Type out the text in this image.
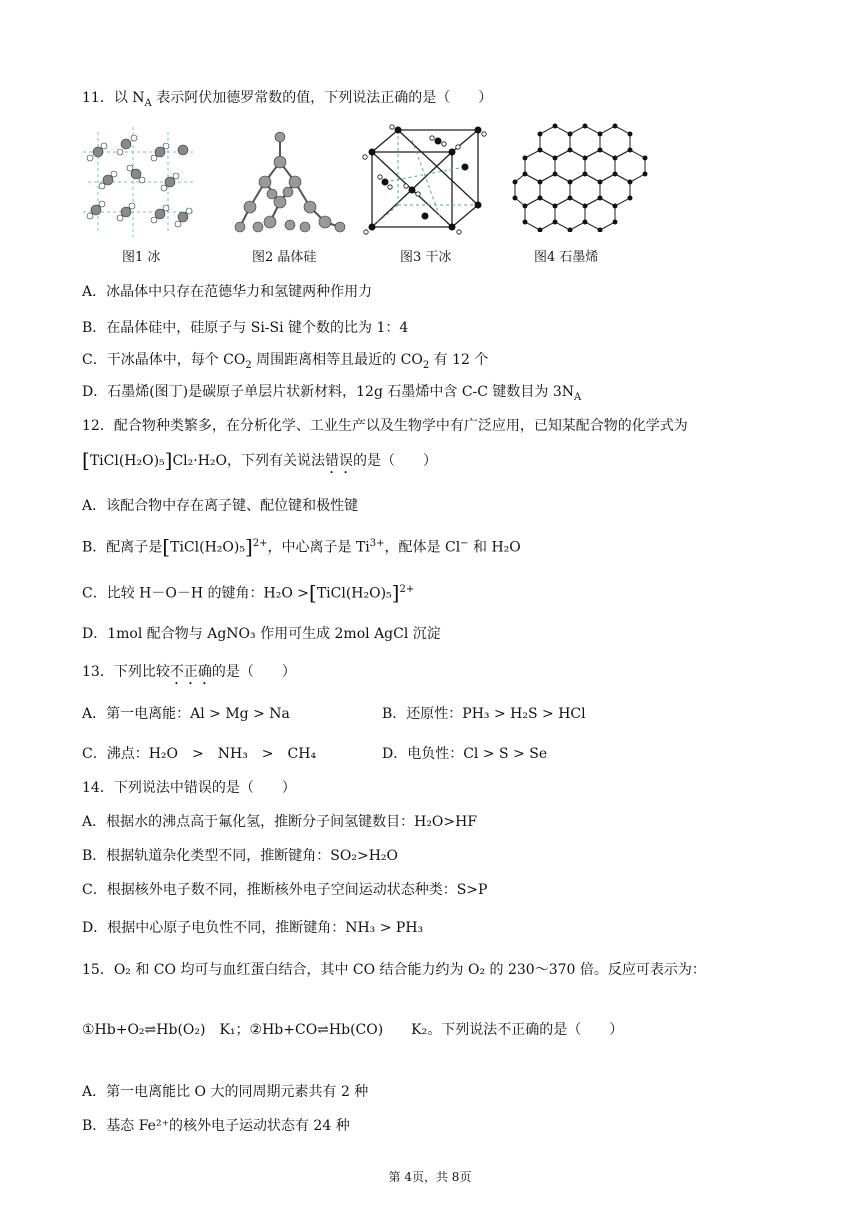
11．以 $N_A$ 表示阿伏加德罗常数的值，下列说法正确的是（　　）
图1 冰	图2 晶体硅	图3 干冰	图4 石墨烯
A．冰晶体中只存在范德华力和氢键两种作用力
B．在晶体硅中，硅原子与 Si-Si 键个数的比为 1：4
C．干冰晶体中，每个 $CO_2$ 周围距离相等且最近的 $CO_2$ 有 12 个
D．石墨烯(图丁)是碳原子单层片状新材料，12g 石墨烯中含 C-C 键数目为 $3N_A$
12．配合物种类繁多，在分析化学、工业生产以及生物学中有广泛应用，已知某配合物的化学式为
[TiCl(H₂O)₅]Cl₂·H₂O，下列有关说法错误的是（　　）
A．该配合物中存在离子键、配位键和极性键
B．配离子是[TiCl(H₂O)₅]$^{2+}$，中心离子是 $Ti^{3+}$，配体是 Cl− 和 H₂O
C．比较 H－O－H 的键角：H₂O >[TiCl(H₂O)₅]$^{2+}$
D．1mol 配合物与 AgNO₃ 作用可生成 2mol AgCl 沉淀
13．下列比较不正确的是（　　）
A．第一电离能：Al > Mg > Na	B．还原性：PH₃ > H₂S > HCl
C．沸点：H₂O　>　NH₃　>　CH₄	D．电负性：Cl > S > Se
14．下列说法中错误的是（　　）
A．根据水的沸点高于氟化氢，推断分子间氢键数目：H₂O>HF
B．根据轨道杂化类型不同，推断键角：SO₂>H₂O
C．根据核外电子数不同，推断核外电子空间运动状态种类：S>P
D．根据中心原子电负性不同，推断键角：NH₃ > PH₃
15．O₂ 和 CO 均可与血红蛋白结合，其中 CO 结合能力约为 O₂ 的 230～370 倍。反应可表示为：
①Hb+O₂⇌Hb(O₂)　K₁；②Hb+CO⇌Hb(CO)　　K₂。下列说法不正确的是（　　）
A．第一电离能比 O 大的同周期元素共有 2 种
B．基态 Fe²⁺的核外电子运动状态有 24 种
第 4页，共 8页
